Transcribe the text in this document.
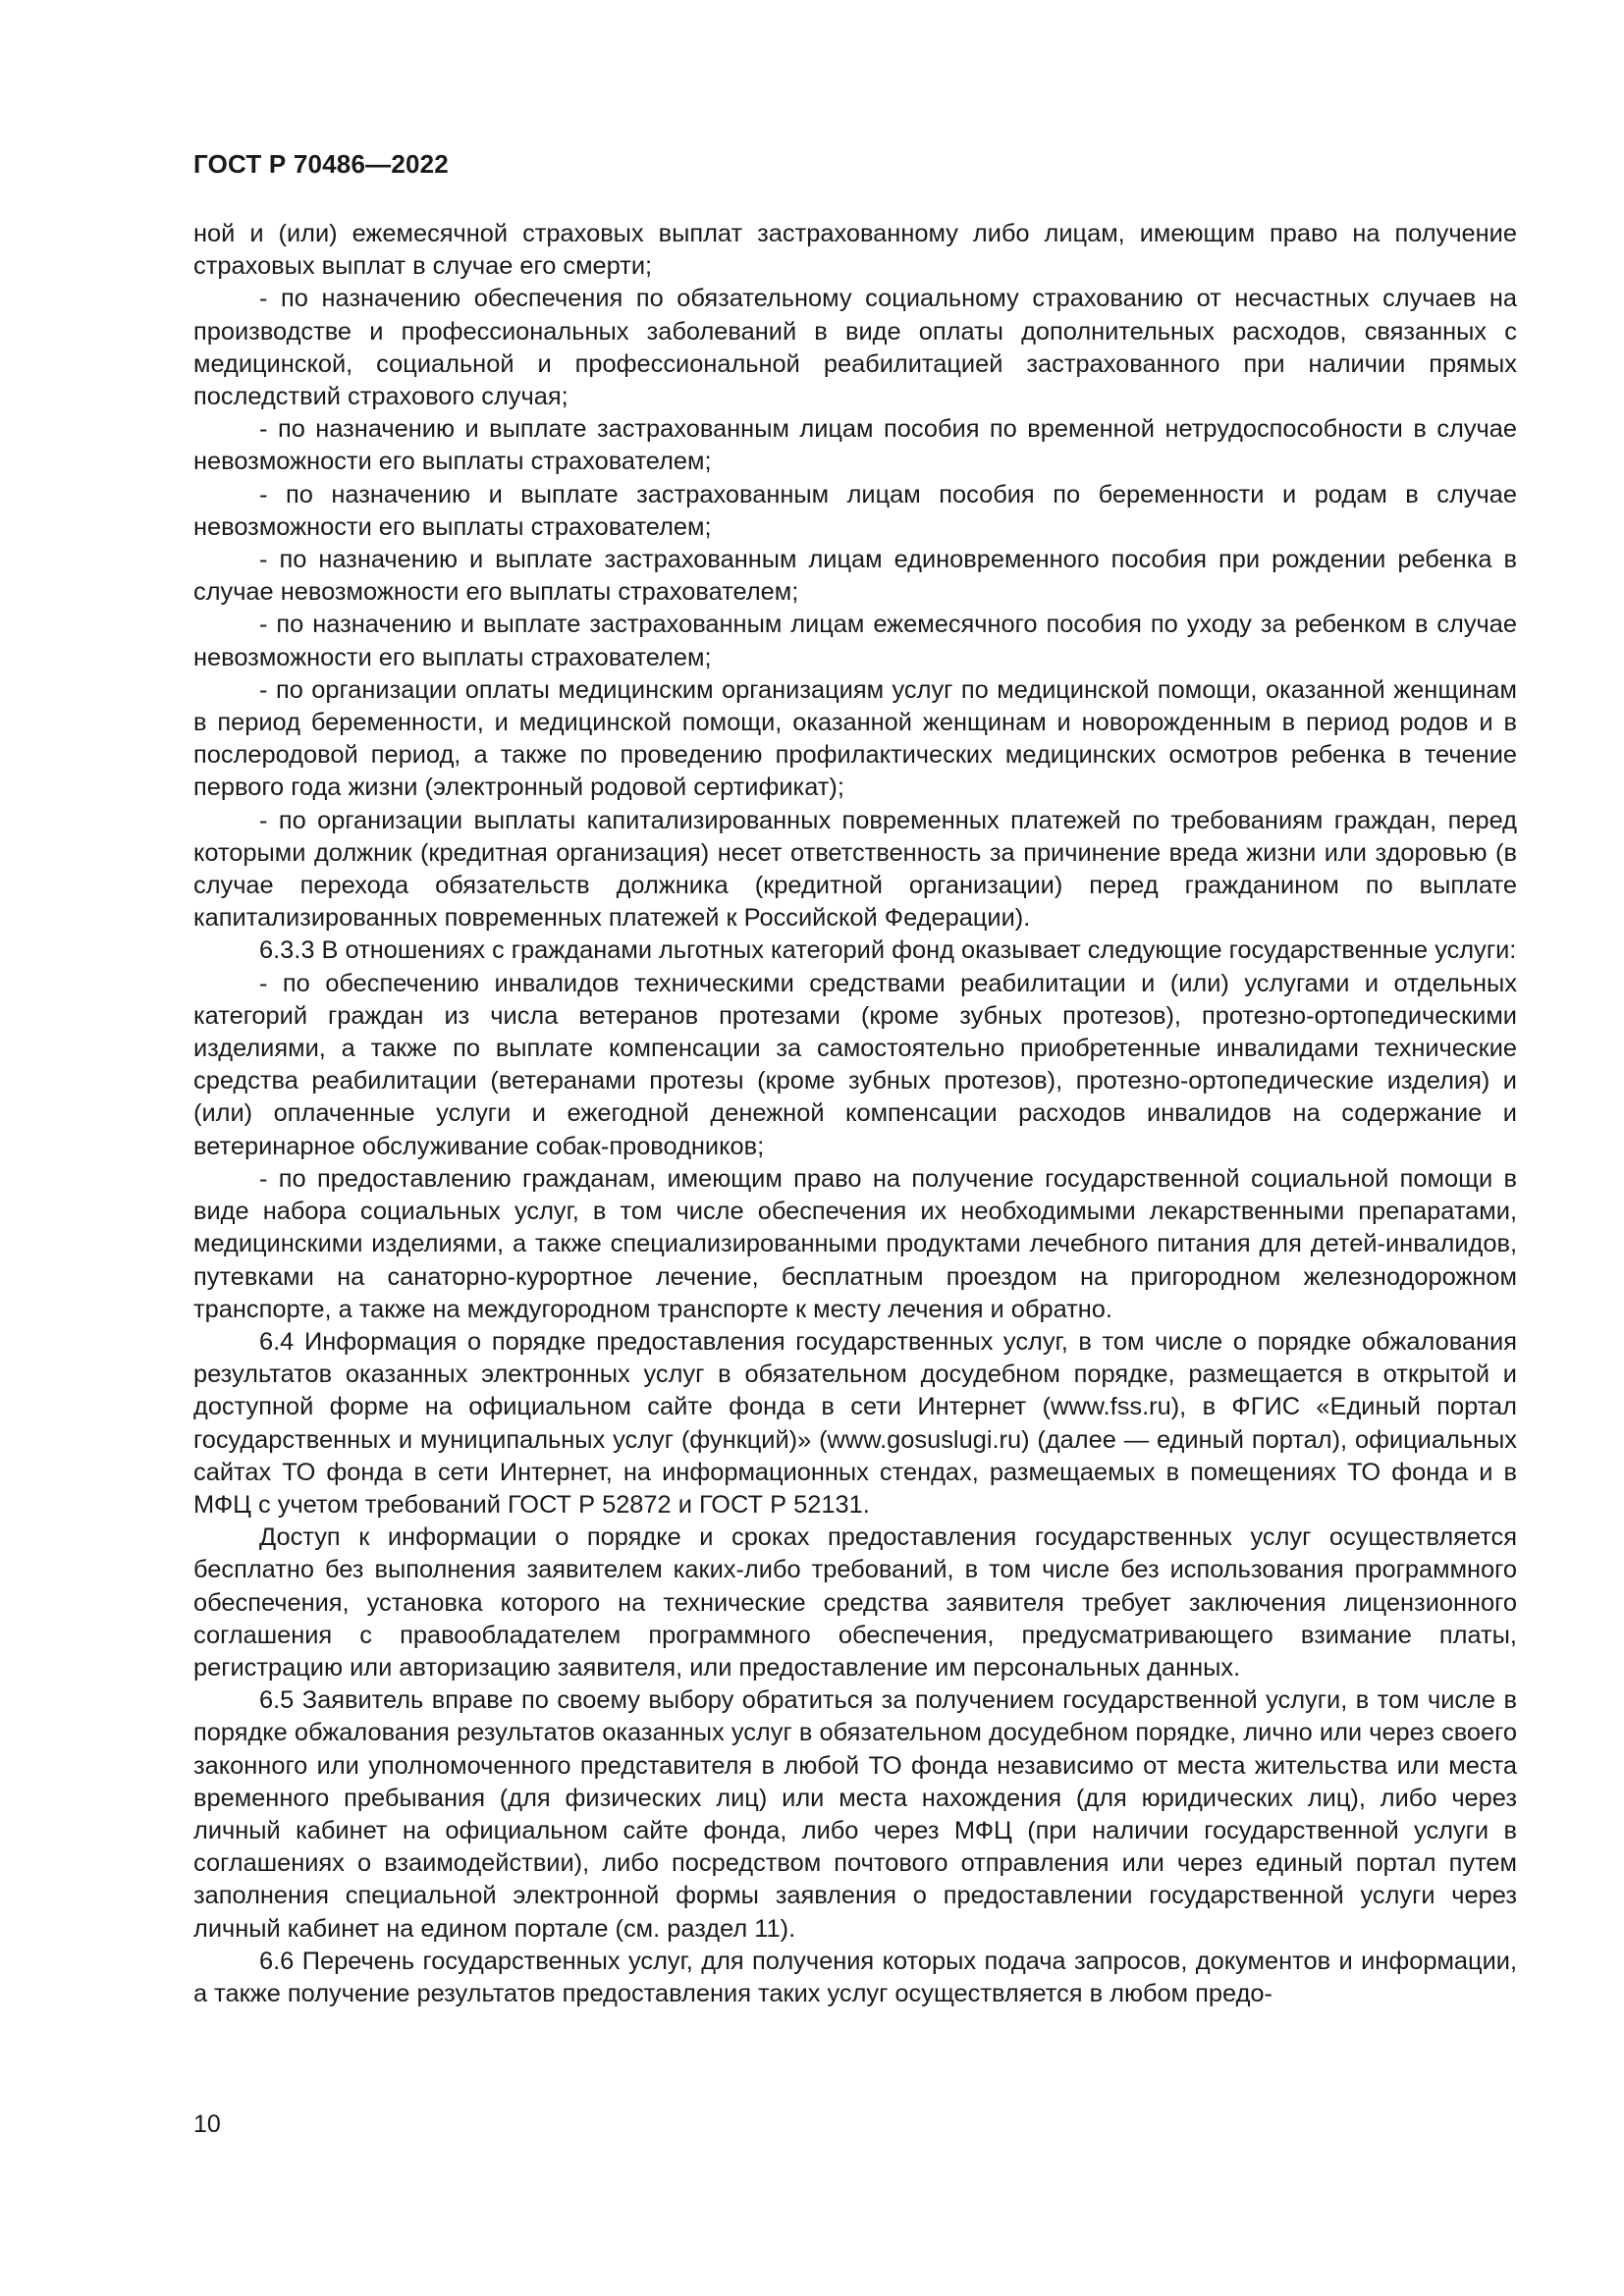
ГОСТ Р 70486—2022

ной и (или) ежемесячной страховых выплат застрахованному либо лицам, имеющим право на получение страховых выплат в случае его смерти;

- по назначению обеспечения по обязательному социальному страхованию от несчастных случаев на производстве и профессиональных заболеваний в виде оплаты дополнительных расходов, связанных с медицинской, социальной и профессиональной реабилитацией застрахованного при наличии прямых последствий страхового случая;

- по назначению и выплате застрахованным лицам пособия по временной нетрудоспособности в случае невозможности его выплаты страхователем;

- по назначению и выплате застрахованным лицам пособия по беременности и родам в случае невозможности его выплаты страхователем;

- по назначению и выплате застрахованным лицам единовременного пособия при рождении ребенка в случае невозможности его выплаты страхователем;

- по назначению и выплате застрахованным лицам ежемесячного пособия по уходу за ребенком в случае невозможности его выплаты страхователем;

- по организации оплаты медицинским организациям услуг по медицинской помощи, оказанной женщинам в период беременности, и медицинской помощи, оказанной женщинам и новорожденным в период родов и в послеродовой период, а также по проведению профилактических медицинских осмотров ребенка в течение первого года жизни (электронный родовой сертификат);

- по организации выплаты капитализированных повременных платежей по требованиям граждан, перед которыми должник (кредитная организация) несет ответственность за причинение вреда жизни или здоровью (в случае перехода обязательств должника (кредитной организации) перед гражданином по выплате капитализированных повременных платежей к Российской Федерации).

6.3.3 В отношениях с гражданами льготных категорий фонд оказывает следующие государственные услуги:

- по обеспечению инвалидов техническими средствами реабилитации и (или) услугами и отдельных категорий граждан из числа ветеранов протезами (кроме зубных протезов), протезно-ортопедическими изделиями, а также по выплате компенсации за самостоятельно приобретенные инвалидами технические средства реабилитации (ветеранами протезы (кроме зубных протезов), протезно-ортопедические изделия) и (или) оплаченные услуги и ежегодной денежной компенсации расходов инвалидов на содержание и ветеринарное обслуживание собак-проводников;

- по предоставлению гражданам, имеющим право на получение государственной социальной помощи в виде набора социальных услуг, в том числе обеспечения их необходимыми лекарственными препаратами, медицинскими изделиями, а также специализированными продуктами лечебного питания для детей-инвалидов, путевками на санаторно-курортное лечение, бесплатным проездом на пригородном железнодорожном транспорте, а также на междугородном транспорте к месту лечения и обратно.

6.4 Информация о порядке предоставления государственных услуг, в том числе о порядке обжалования результатов оказанных электронных услуг в обязательном досудебном порядке, размещается в открытой и доступной форме на официальном сайте фонда в сети Интернет (www.fss.ru), в ФГИС «Единый портал государственных и муниципальных услуг (функций)» (www.gosuslugi.ru) (далее — единый портал), официальных сайтах ТО фонда в сети Интернет, на информационных стендах, размещаемых в помещениях ТО фонда и в МФЦ с учетом требований ГОСТ Р 52872 и ГОСТ Р 52131.

Доступ к информации о порядке и сроках предоставления государственных услуг осуществляется бесплатно без выполнения заявителем каких-либо требований, в том числе без использования программного обеспечения, установка которого на технические средства заявителя требует заключения лицензионного соглашения с правообладателем программного обеспечения, предусматривающего взимание платы, регистрацию или авторизацию заявителя, или предоставление им персональных данных.

6.5 Заявитель вправе по своему выбору обратиться за получением государственной услуги, в том числе в порядке обжалования результатов оказанных услуг в обязательном досудебном порядке, лично или через своего законного или уполномоченного представителя в любой ТО фонда независимо от места жительства или места временного пребывания (для физических лиц) или места нахождения (для юридических лиц), либо через личный кабинет на официальном сайте фонда, либо через МФЦ (при наличии государственной услуги в соглашениях о взаимодействии), либо посредством почтового отправления или через единый портал путем заполнения специальной электронной формы заявления о предоставлении государственной услуги через личный кабинет на едином портале (см. раздел 11).

6.6 Перечень государственных услуг, для получения которых подача запросов, документов и информации, а также получение результатов предоставления таких услуг осуществляется в любом предо-

10
